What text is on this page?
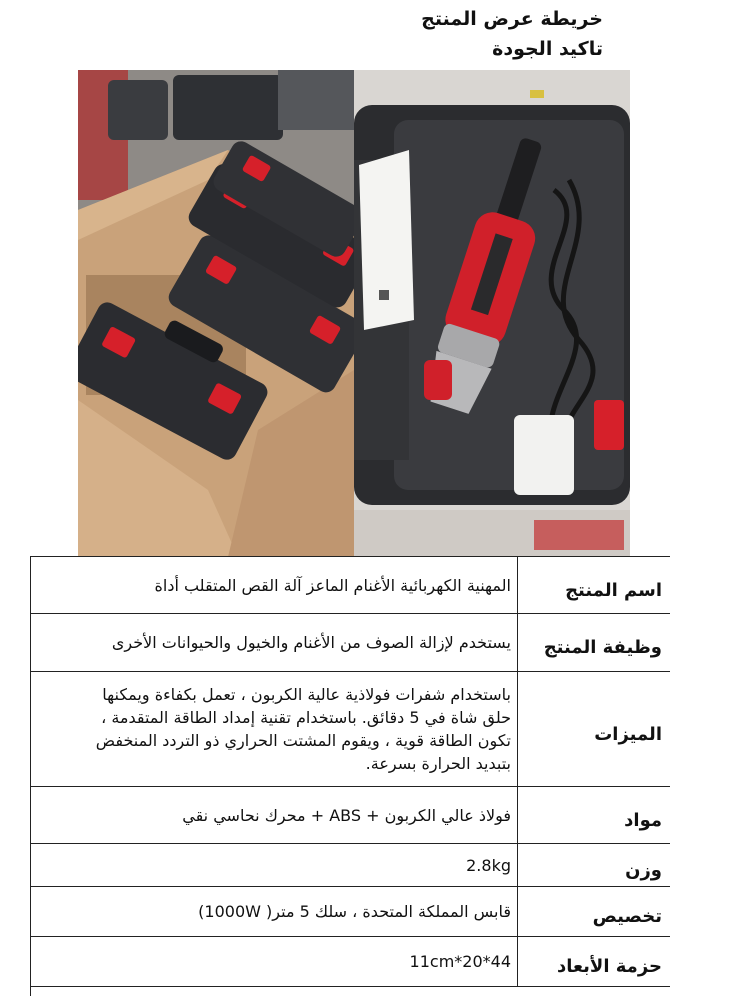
خريطة عرض المنتج
تاكيد الجودة
اسم المنتج	المهنية الكهربائية الأغنام الماعز آلة القص المتقلب أداة
وظيفة المنتج	يستخدم لإزالة الصوف من الأغنام والخيول والحيوانات الأخرى
الميزات	باستخدام شفرات فولاذية عالية الكربون ، تعمل بكفاءة ويمكنها حلق شاة في 5 دقائق. باستخدام تقنية إمداد الطاقة المتقدمة ، تكون الطاقة قوية ، ويقوم المشتت الحراري ذو التردد المنخفض بتبديد الحرارة بسرعة.
مواد	فولاذ عالي الكربون + ABS + محرك نحاسي نقي
وزن	2.8kg
تخصيص	قابس المملكة المتحدة ، سلك 5 متر( 1000W)
حزمة الأبعاد	44*20*11cm
